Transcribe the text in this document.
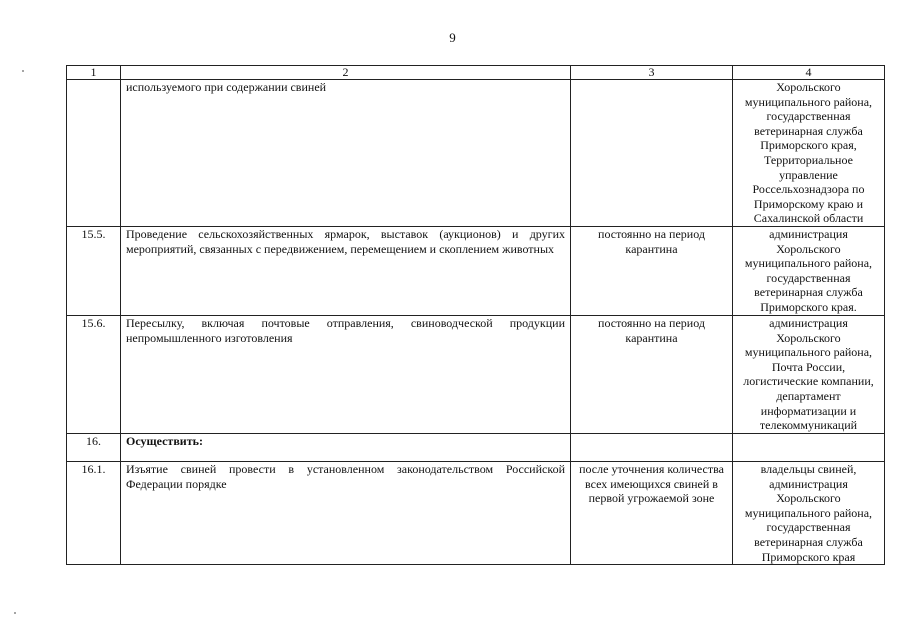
9
1	2	3	4
	используемого при содержании свиней		Хорольского муниципального района, государственная ветеринарная служба Приморского края, Территориальное управление Россельхознадзора по Приморскому краю и Сахалинской области
15.5.	Проведение сельскохозяйственных ярмарок, выставок (аукционов) и других мероприятий, связанных с передвижением, перемещением и скоплением животных	постоянно на период карантина	администрация Хорольского муниципального района, государственная ветеринарная служба Приморского края.
15.6.	Пересылку, включая почтовые отправления, свиноводческой продукции непромышленного изготовления	постоянно на период карантина	администрация Хорольского муниципального района, Почта России, логистические компании, департамент информатизации и телекоммуникаций
16.	Осуществить:		
16.1.	Изъятие свиней провести в установленном законодательством Российской Федерации порядке	после уточнения количества всех имеющихся свиней в первой угрожаемой зоне	владельцы свиней, администрация Хорольского муниципального района, государственная ветеринарная служба Приморского края
